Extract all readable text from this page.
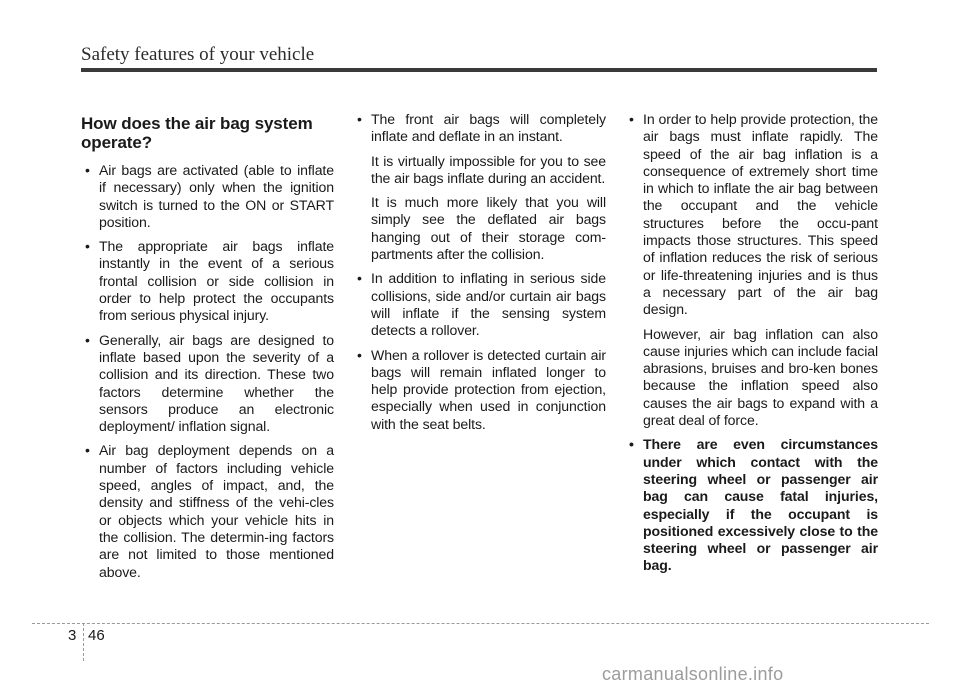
Safety features of your vehicle
How does the air bag system operate?
• Air bags are activated (able to inflate if necessary) only when the ignition switch is turned to the ON or START position.
• The appropriate air bags inflate instantly in the event of a serious frontal collision or side collision in order to help protect the occupants from serious physical injury.
• Generally, air bags are designed to inflate based upon the severity of a collision and its direction. These two factors determine whether the sensors produce an electronic deployment/ inflation signal.
• Air bag deployment depends on a number of factors including vehicle speed, angles of impact, and, the density and stiffness of the vehi-cles or objects which your vehicle hits in the collision. The determin-ing factors are not limited to those mentioned above.
• The front air bags will completely inflate and deflate in an instant.
It is virtually impossible for you to see the air bags inflate during an accident.
It is much more likely that you will simply see the deflated air bags hanging out of their storage com-partments after the collision.
• In addition to inflating in serious side collisions, side and/or curtain air bags will inflate if the sensing system detects a rollover.
• When a rollover is detected curtain air bags will remain inflated longer to help provide protection from ejection, especially when used in conjunction with the seat belts.
• In order to help provide protection, the air bags must inflate rapidly. The speed of the air bag inflation is a consequence of extremely short time in which to inflate the air bag between the occupant and the vehicle structures before the occu-pant impacts those structures. This speed of inflation reduces the risk of serious or life-threatening injuries and is thus a necessary part of the air bag design.
However, air bag inflation can also cause injuries which can include facial abrasions, bruises and bro-ken bones because the inflation speed also causes the air bags to expand with a great deal of force.
• There are even circumstances under which contact with the steering wheel or passenger air bag can cause fatal injuries, especially if the occupant is positioned excessively close to the steering wheel or passenger air bag.
3 46
carmanualsonline.info
